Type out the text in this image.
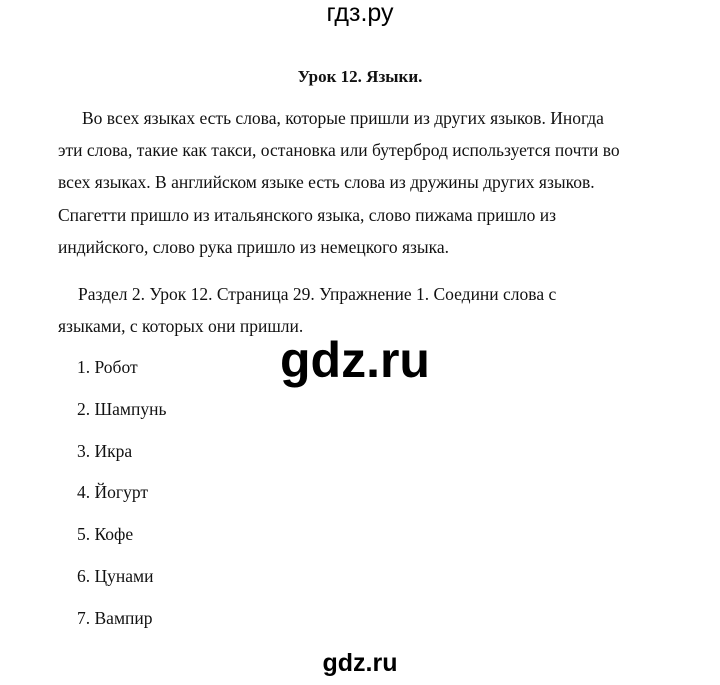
гдз.ру
Урок 12. Языки.
Во всех языках есть слова, которые пришли из других языков. Иногда
эти слова, такие как такси, остановка или бутерброд используется почти во
всех языках. В английском языке есть слова из дружины других языков.
Спагетти пришло из итальянского языка, слово пижама пришло из
индийского, слово рука пришло из немецкого языка.
Раздел 2. Урок 12. Страница 29. Упражнение 1. Соедини слова с
языками, с которых они пришли.
1. Робот
2. Шампунь
3. Икра
4. Йогурт
5. Кофе
6. Цунами
7. Вампир
gdz.ru
gdz.ru
